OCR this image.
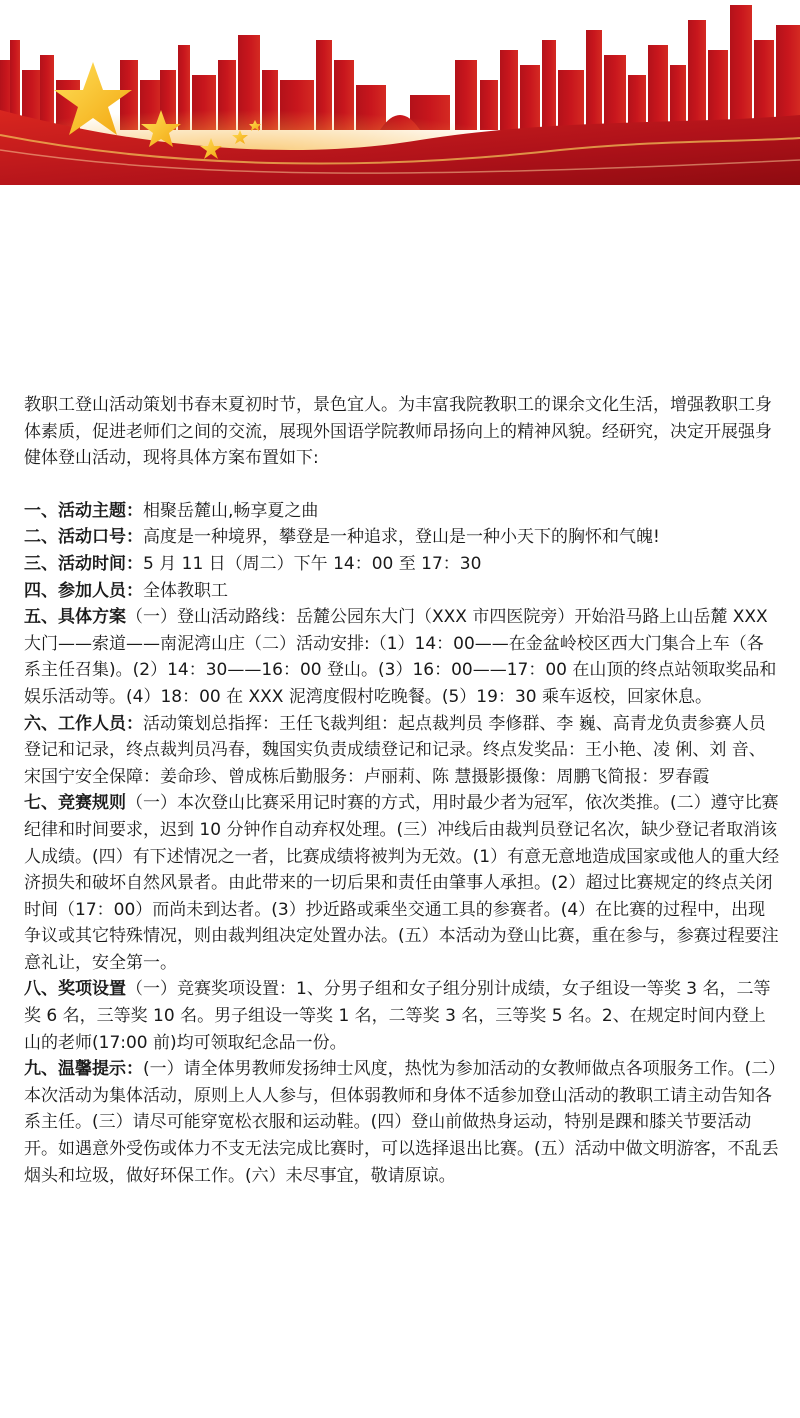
教职工登山活动策划书春末夏初时节，景色宜人。为丰富我院教职工的课余文化生活，增强教职工身体素质，促进老师们之间的交流，展现外国语学院教师昂扬向上的精神风貌。经研究，决定开展强身健体登山活动，现将具体方案布置如下:

一、活动主题：相聚岳麓山,畅享夏之曲

二、活动口号：高度是一种境界，攀登是一种追求，登山是一种小天下的胸怀和气魄!

三、活动时间：5 月 11 日（周二）下午 14：00 至 17：30

四、参加人员：全体教职工

五、具体方案（一）登山活动路线：岳麓公园东大门（XXX 市四医院旁）开始沿马路上山岳麓 XXX 大门——索道——南泥湾山庄（二）活动安排:（1）14：00——在金盆岭校区西大门集合上车（各系主任召集)。(2）14：30——16：00 登山。(3）16：00——17：00 在山顶的终点站领取奖品和娱乐活动等。(4）18：00 在 XXX 泥湾度假村吃晚餐。(5）19：30 乘车返校，回家休息。

六、工作人员：活动策划总指挥：王任飞裁判组：起点裁判员 李修群、李 巍、高青龙负责参赛人员登记和记录，终点裁判员冯春，魏国实负责成绩登记和记录。终点发奖品：王小艳、凌 俐、刘 音、宋国宁安全保障：姜命珍、曾成栋后勤服务：卢丽莉、陈 慧摄影摄像：周鹏飞简报：罗春霞

七、竞赛规则（一）本次登山比赛采用记时赛的方式，用时最少者为冠军，依次类推。(二）遵守比赛纪律和时间要求，迟到 10 分钟作自动弃权处理。(三）冲线后由裁判员登记名次，缺少登记者取消该人成绩。(四）有下述情况之一者，比赛成绩将被判为无效。(1）有意无意地造成国家或他人的重大经济损失和破坏自然风景者。由此带来的一切后果和责任由肇事人承担。(2）超过比赛规定的终点关闭时间（17：00）而尚未到达者。(3）抄近路或乘坐交通工具的参赛者。(4）在比赛的过程中，出现争议或其它特殊情况，则由裁判组决定处置办法。(五）本活动为登山比赛，重在参与，参赛过程要注意礼让，安全第一。

八、奖项设置（一）竞赛奖项设置：1、分男子组和女子组分别计成绩，女子组设一等奖 3 名，二等奖 6 名，三等奖 10 名。男子组设一等奖 1 名，二等奖 3 名，三等奖 5 名。2、在规定时间内登上山的老师(17:00 前)均可领取纪念品一份。

九、温馨提示：(一）请全体男教师发扬绅士风度，热忱为参加活动的女教师做点各项服务工作。(二）本次活动为集体活动，原则上人人参与，但体弱教师和身体不适参加登山活动的教职工请主动告知各系主任。(三）请尽可能穿宽松衣服和运动鞋。(四）登山前做热身运动，特别是踝和膝关节要活动开。如遇意外受伤或体力不支无法完成比赛时，可以选择退出比赛。(五）活动中做文明游客，不乱丢烟头和垃圾，做好环保工作。(六）未尽事宜，敬请原谅。
